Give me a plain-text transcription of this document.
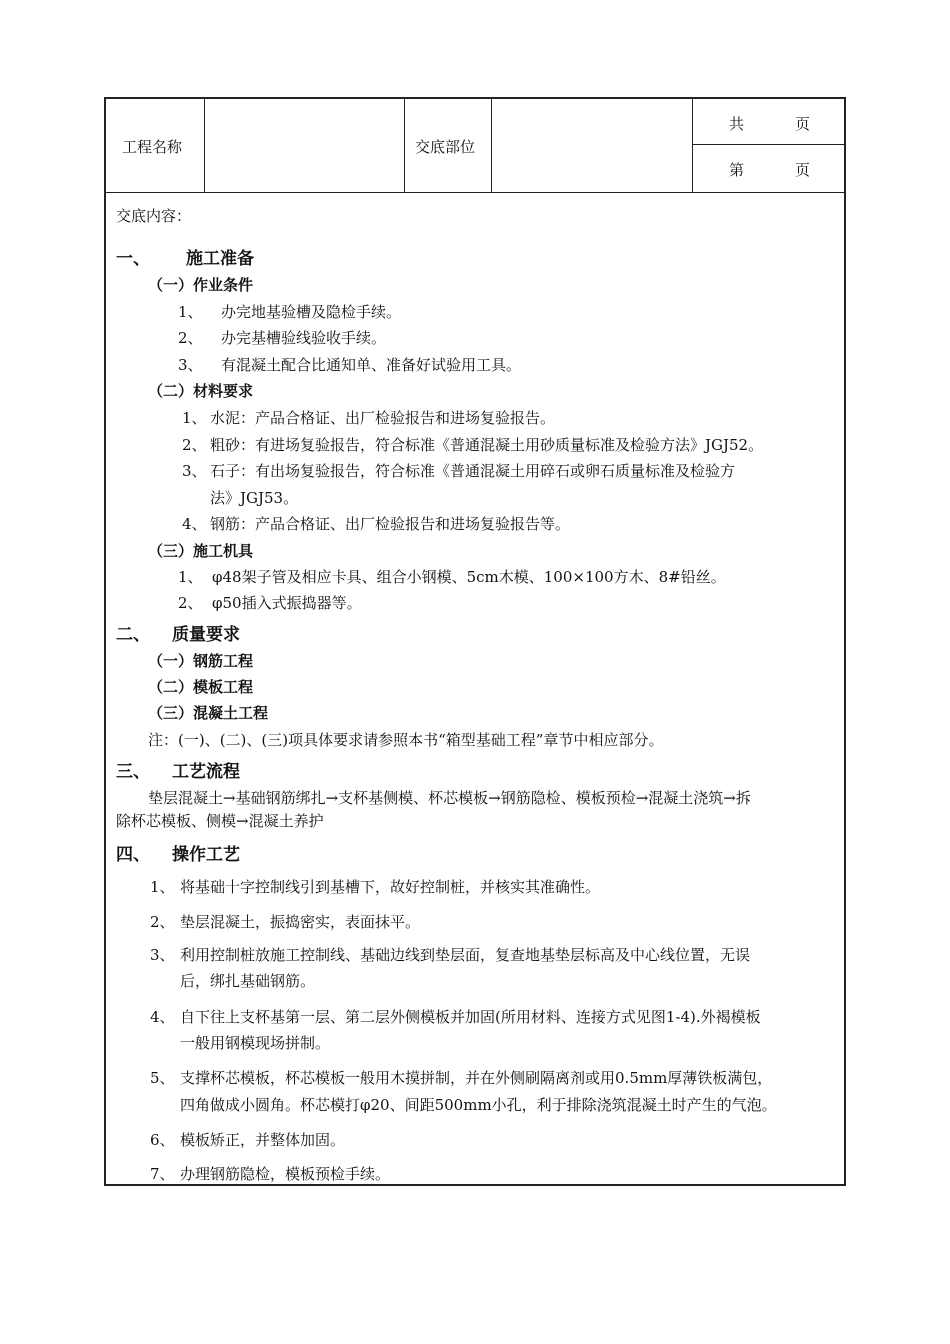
工程名称	交底部位
共	页
第	页
交底内容：
一、 施工准备
（一）作业条件
1、 办完地基验槽及隐检手续。
2、 办完基槽验线验收手续。
3、 有混凝土配合比通知单、准备好试验用工具。
（二）材料要求
1、 水泥：产品合格证、出厂检验报告和进场复验报告。
2、 粗砂：有进场复验报告，符合标准《普通混凝土用砂质量标准及检验方法》JGJ52。
3、 石子：有出场复验报告，符合标准《普通混凝土用碎石或卵石质量标准及检验方
法》JGJ53。
4、 钢筋：产品合格证、出厂检验报告和进场复验报告等。
（三）施工机具
1、 φ48架子管及相应卡具、组合小钢模、5cm木模、100×100方木、8#铅丝。
2、 φ50插入式振捣器等。
二、 质量要求
（一）钢筋工程
（二）模板工程
（三）混凝土工程
注：(一)、(二)、(三)项具体要求请参照本书“箱型基础工程”章节中相应部分。
三、 工艺流程
垫层混凝土→基础钢筋绑扎→支杯基侧模、杯芯模板→钢筋隐检、模板预检→混凝土浇筑→拆
除杯芯模板、侧模→混凝土养护
四、 操作工艺
1、 将基础十字控制线引到基槽下，故好控制桩，并核实其准确性。
2、 垫层混凝土，振捣密实，表面抹平。
3、 利用控制桩放施工控制线、基础边线到垫层面，复查地基垫层标高及中心线位置，无误
后，绑扎基础钢筋。
4、 自下往上支杯基第一层、第二层外侧模板并加固(所用材料、连接方式见图1-4).外褐模板
一般用钢模现场拼制。
5、 支撑杯芯模板，杯芯模板一般用木摸拼制，并在外侧刷隔离剂或用0.5mm厚薄铁板满包，
四角做成小圆角。杯芯模打φ20、间距500mm小孔，利于排除浇筑混凝土时产生的气泡。
6、 模板矫正，并整体加固。
7、 办理钢筋隐检，模板预检手续。
